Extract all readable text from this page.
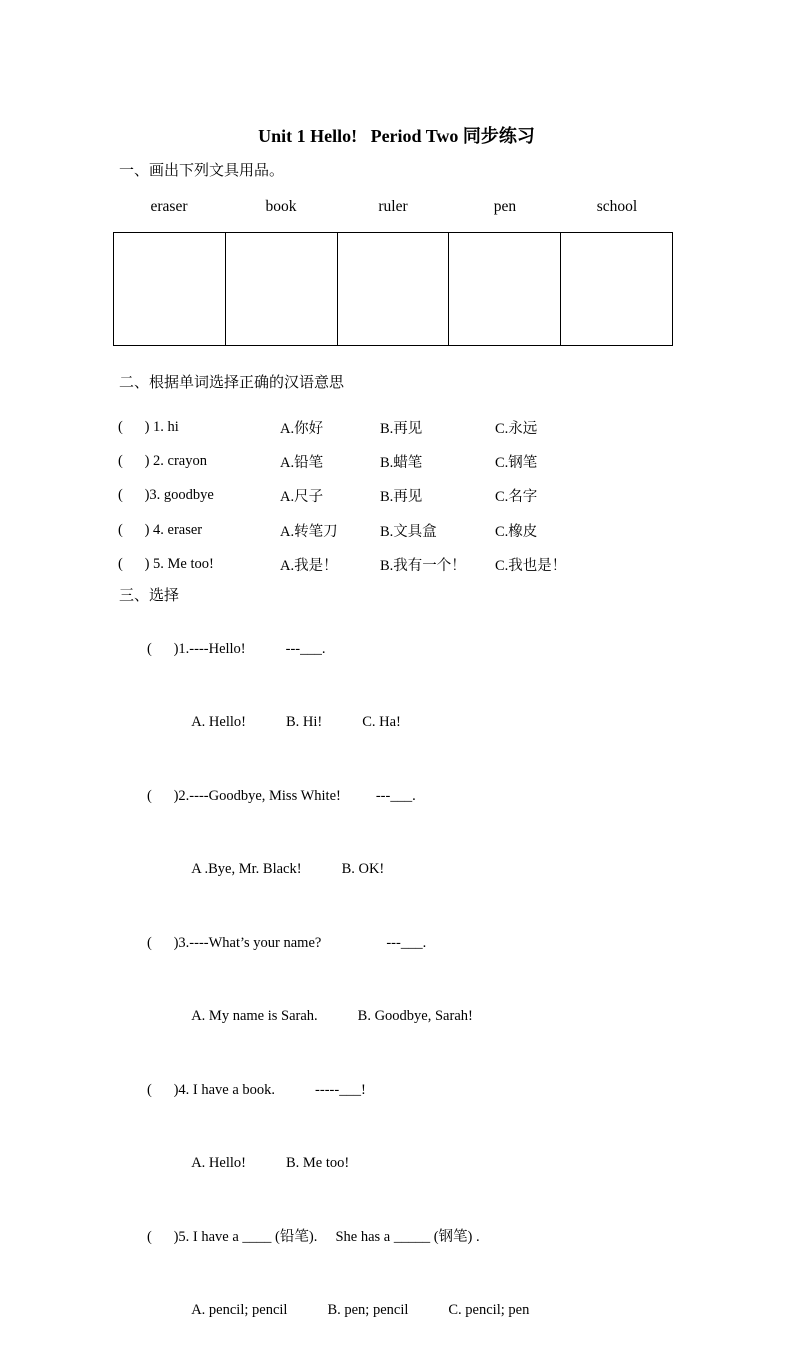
Unit 1 Hello!   Period Two 同步练习
一、画出下列文具用品。
eraser	book	ruler	pen	school

二、根据单词选择正确的汉语意思
(      ) 1. hi	A.你好	B.再见	C.永远
(      ) 2. crayon	A.铅笔	B.蜡笔	C.钢笔
(      )3. goodbye	A.尺子	B.再见	C.名字
(      ) 4. eraser	A.转笔刀	B.文具盒	C.橡皮
(      ) 5. Me too!	A.我是！	B.我有一个！	C.我也是！
三、选择

(      )1.----Hello!	---___.

A. Hello!	B. Hi!	C. Ha!

(      )2.----Goodbye, Miss White! ---___.

A .Bye, Mr. Black!	B. OK!

(      )3.----What’s your name?	---___.

A. My name is Sarah.	B. Goodbye, Sarah!

(      )4. I have a book.	-----___!

A. Hello!	B. Me too!

(      )5. I have a ____ (铅笔).     She has a _____ (钢笔) .

A. pencil; pencil	B. pen; pencil	C. pencil; pen
